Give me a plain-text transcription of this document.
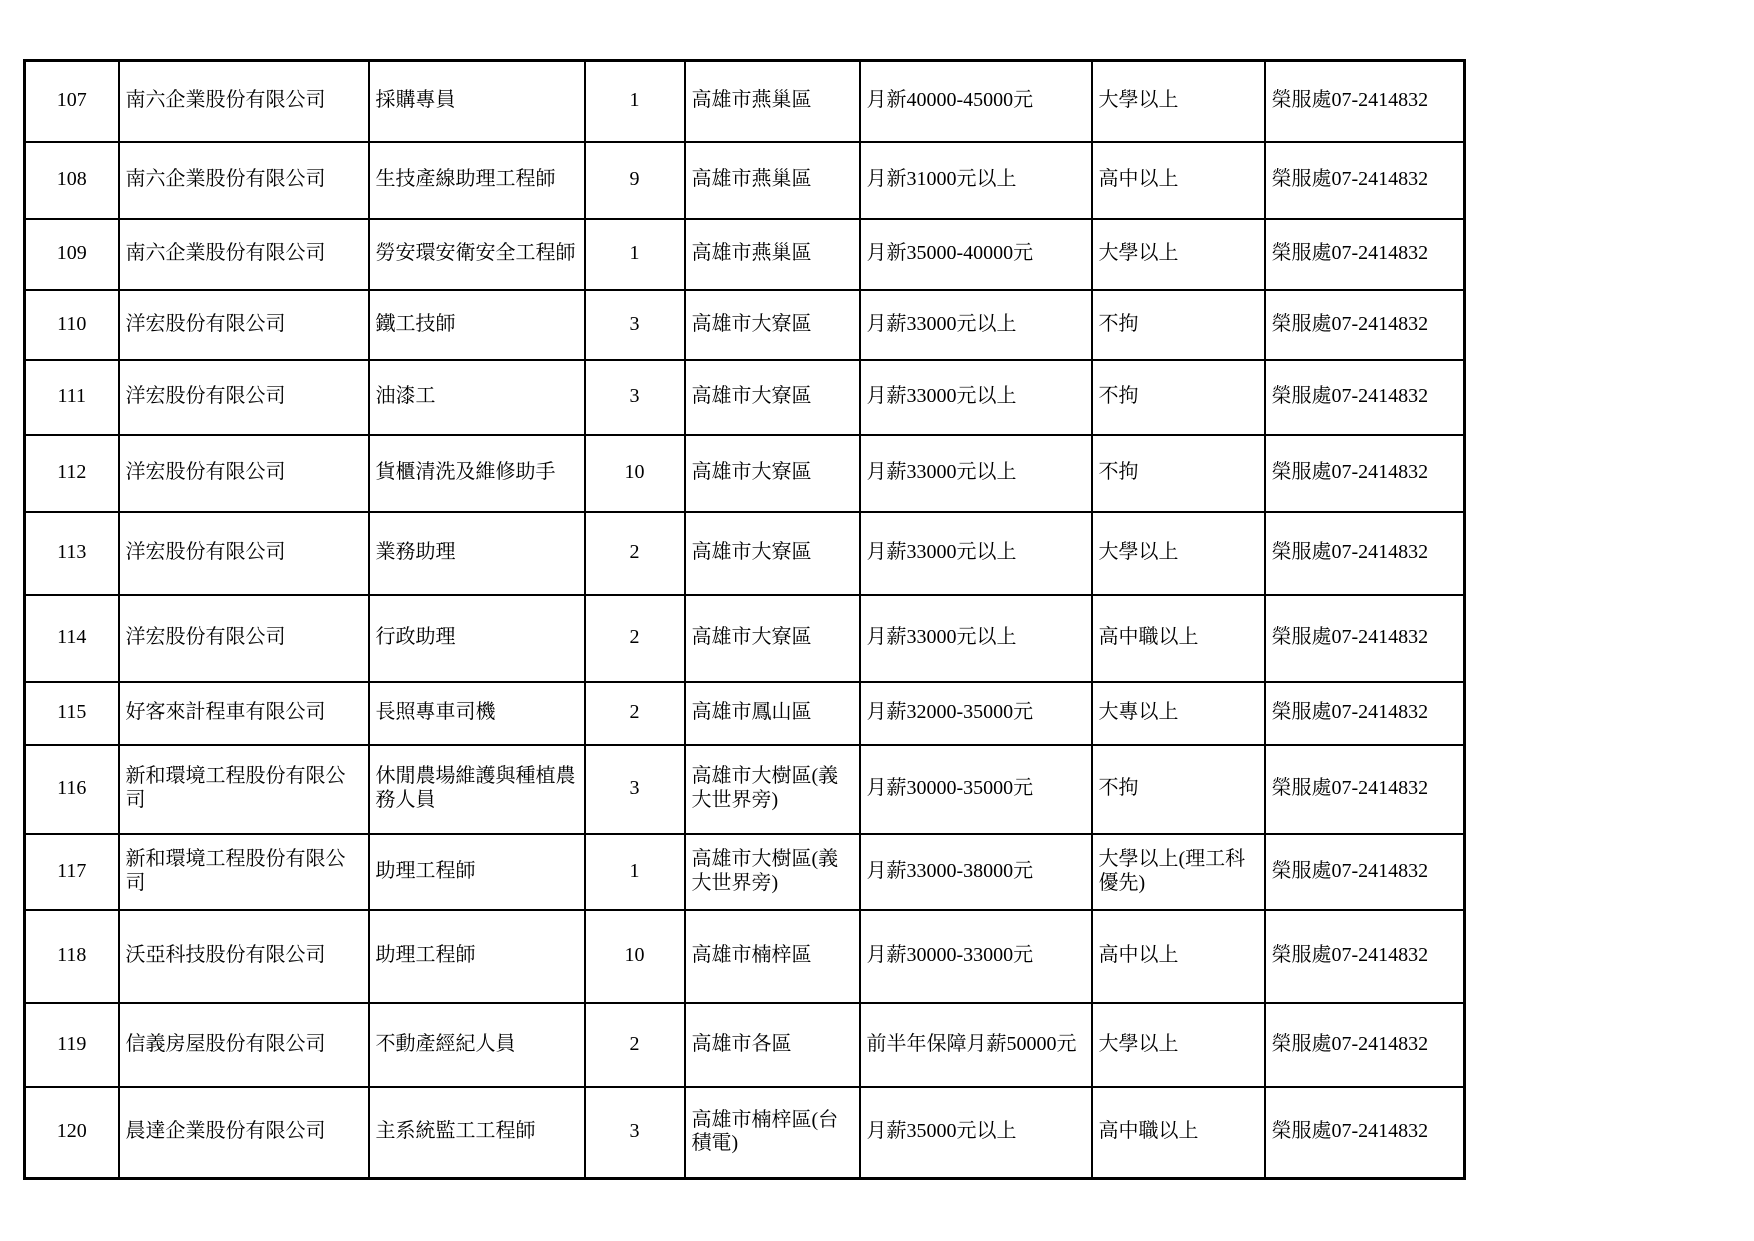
107	南六企業股份有限公司	採購專員	1	高雄市燕巢區	月新40000-45000元	大學以上	榮服處07-2414832
108	南六企業股份有限公司	生技產線助理工程師	9	高雄市燕巢區	月新31000元以上	高中以上	榮服處07-2414832
109	南六企業股份有限公司	勞安環安衛安全工程師	1	高雄市燕巢區	月新35000-40000元	大學以上	榮服處07-2414832
110	洋宏股份有限公司	鐵工技師	3	高雄市大寮區	月薪33000元以上	不拘	榮服處07-2414832
111	洋宏股份有限公司	油漆工	3	高雄市大寮區	月薪33000元以上	不拘	榮服處07-2414832
112	洋宏股份有限公司	貨櫃清洗及維修助手	10	高雄市大寮區	月薪33000元以上	不拘	榮服處07-2414832
113	洋宏股份有限公司	業務助理	2	高雄市大寮區	月薪33000元以上	大學以上	榮服處07-2414832
114	洋宏股份有限公司	行政助理	2	高雄市大寮區	月薪33000元以上	高中職以上	榮服處07-2414832
115	好客來計程車有限公司	長照專車司機	2	高雄市鳳山區	月薪32000-35000元	大專以上	榮服處07-2414832
116	新和環境工程股份有限公司	休閒農場維護與種植農務人員	3	高雄市大樹區(義大世界旁)	月薪30000-35000元	不拘	榮服處07-2414832
117	新和環境工程股份有限公司	助理工程師	1	高雄市大樹區(義大世界旁)	月薪33000-38000元	大學以上(理工科優先)	榮服處07-2414832
118	沃亞科技股份有限公司	助理工程師	10	高雄市楠梓區	月薪30000-33000元	高中以上	榮服處07-2414832
119	信義房屋股份有限公司	不動產經紀人員	2	高雄市各區	前半年保障月薪50000元	大學以上	榮服處07-2414832
120	晨達企業股份有限公司	主系統監工工程師	3	高雄市楠梓區(台積電)	月薪35000元以上	高中職以上	榮服處07-2414832
